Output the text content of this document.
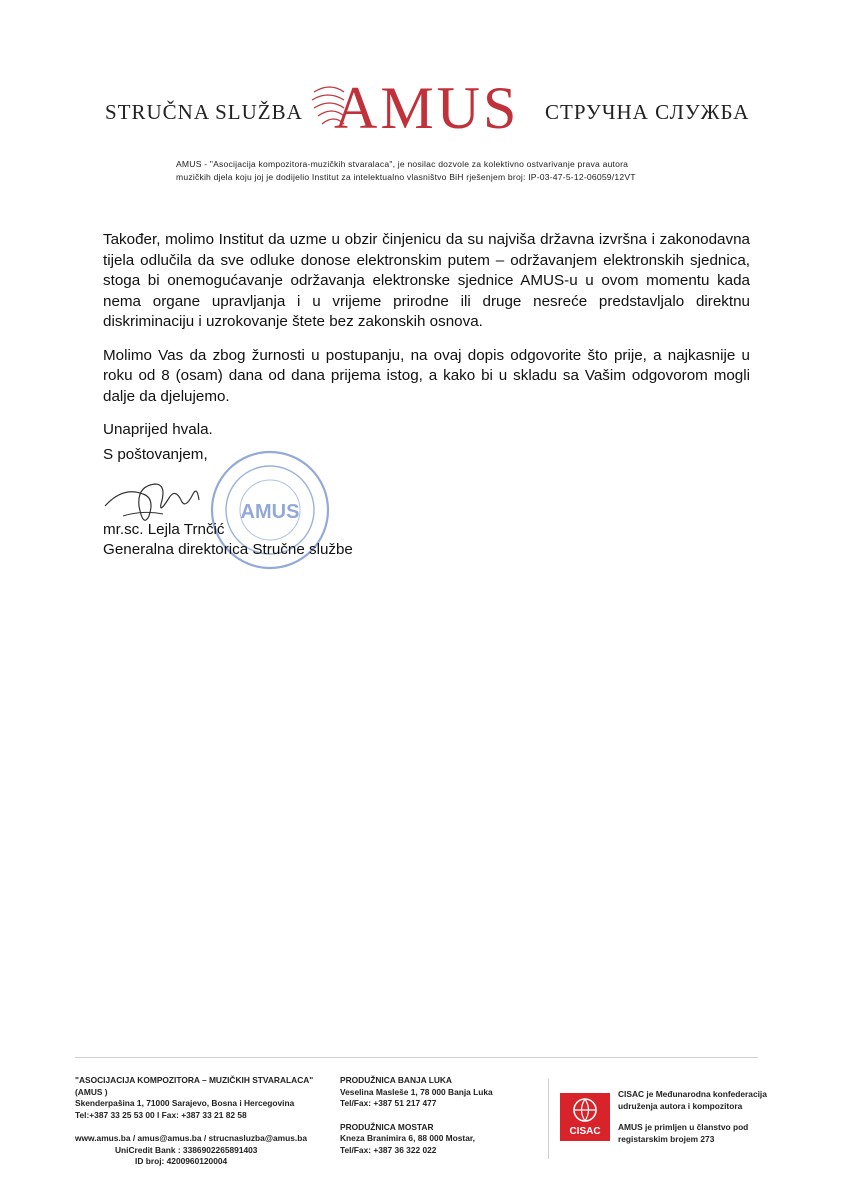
STRUČNA SLUŽBA AMUS СТРУЧНА СЛУЖБА
AMUS - "Asocijacija kompozitora-muzičkih stvaralaca", je nosilac dozvole za kolektivno ostvarivanje prava autora
muzičkih djela koju joj je dodijelio Institut za intelektualno vlasništvo BiH rješenjem broj: IP-03-47-5-12-06059/12VT

Također, molimo Institut da uzme u obzir činjenicu da su najviša državna izvršna i zakonodavna tijela odlučila da sve odluke donose elektronskim putem – održavanjem elektronskih sjednica, stoga bi onemogućavanje održavanja elektronske sjednice AMUS-u u ovom momentu kada nema organe upravljanja i u vrijeme prirodne ili druge nesreće predstavljalo direktnu diskriminaciju i uzrokovanje štete bez zakonskih osnova.

Molimo Vas da zbog žurnosti u postupanju, na ovaj dopis odgovorite što prije, a najkasnije u roku od 8 (osam) dana od dana prijema istog, a kako bi u skladu sa Vašim odgovorom mogli dalje da djelujemo.

Unaprijed hvala.

AMUS
S poštovanjem,
mr.sc. Lejla Trnčić
Generalna direktorica Stručne službe
"ASOCIJACIJA KOMPOZITORA – MUZIČKIH STVARALACA" (AMUS )
Skenderpašina 1, 71000 Sarajevo, Bosna i Hercegovina
Tel:+387 33 25 53 00 l Fax: +387 33 21 82 58
www.amus.ba / amus@amus.ba / strucnasluzba@amus.ba
UniCredit Bank : 3386902265891403
ID broj: 4200960120004
PRODUŽNICA BANJA LUKA
Veselina Masleše 1, 78 000 Banja Luka
Tel/Fax: +387 51 217 477
PRODUŽNICA MOSTAR
Kneza Branimira 6, 88 000 Mostar,
Tel/Fax: +387 36 322 022
CISAC
CISAC je Međunarodna konfederacija
udruženja autora i kompozitora
AMUS je primljen u članstvo pod
registarskim brojem 273
